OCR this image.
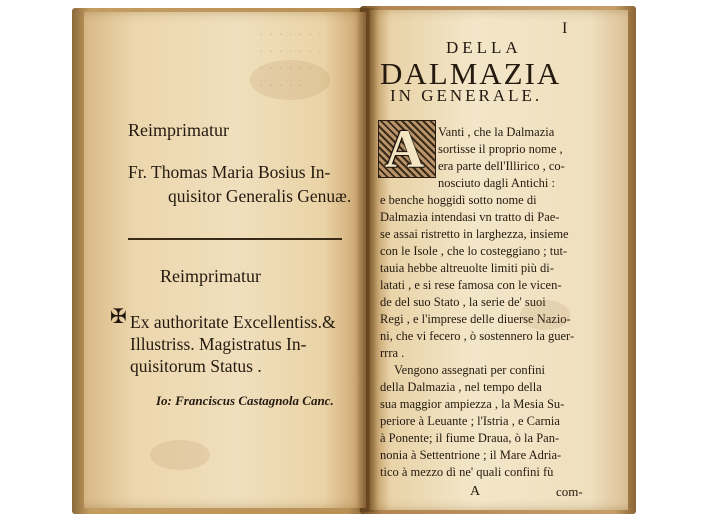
.  .  .  .  .  .  .
.  .  .  .  .  .  .
.  .  .  .  .  .
.  .  .  .  .
Reimprimatur
Fr. Thomas Maria Bosius In-
quisitor Generalis Genuæ.
Reimprimatur
✠ Ex authoritate Excellentiss.&
Illustriss. Magistratus In-
quisitorum Status .
Io: Franciscus Castagnola Canc.
I
DELLA
DALMAZIA
IN GENERALE.
A Vanti , che la Dalmazia
sortisse il proprio nome ,
era parte dell'Illirico , co-
nosciuto dagli Antichi :
e benche hoggidì sotto nome di
Dalmazia intendasi vn tratto di Pae-
se assai ristretto in larghezza, insieme
con le Isole , che lo costeggiano ; tut-
tauia hebbe altreuolte limiti più di-
latati , e si rese famosa con le vicen-
de del suo Stato , la serie de' suoi
Regi , e l'imprese delle diuerse Nazio-
ni, che vi fecero , ò sostennero la guer-
rrra .
Vengono assegnati per confini
della Dalmazia , nel tempo della
sua maggior ampiezza , la Mesia Su-
periore à Leuante ; l'Istria , e Carnia
à Ponente; il fiume Draua, ò la Pan-
nonia à Settentrione ; il Mare Adria-
tico à mezzo dì ne' quali confini fù
A	com-
